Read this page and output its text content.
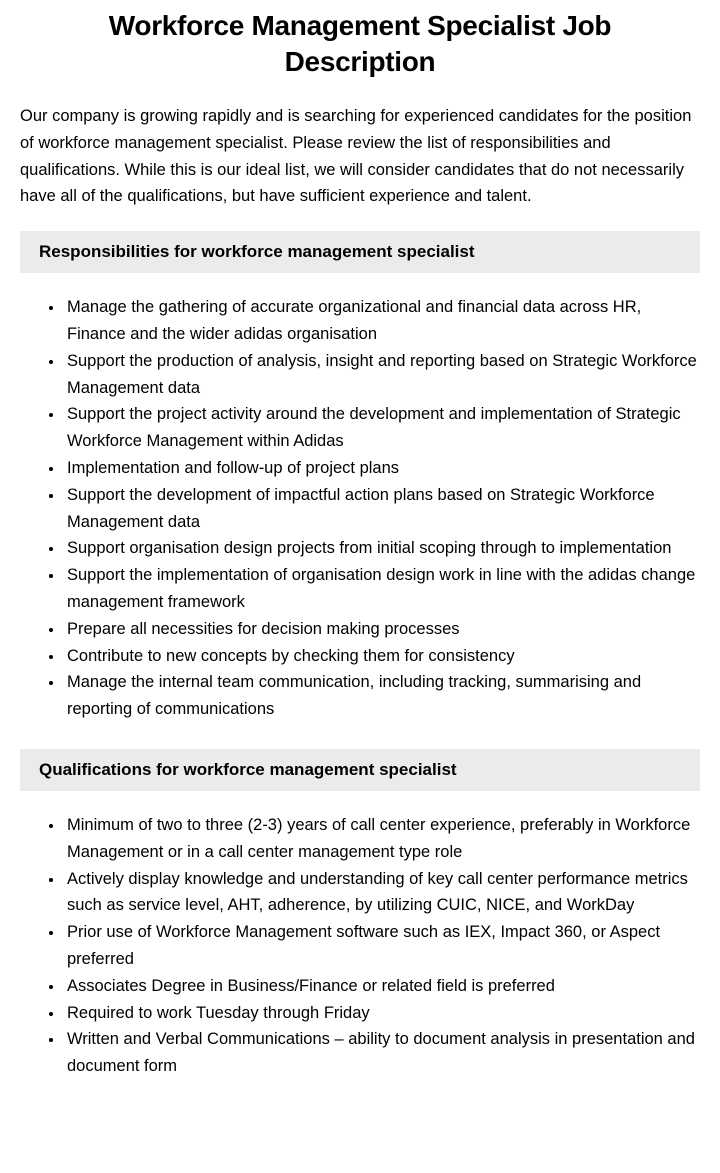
Workforce Management Specialist Job Description

Our company is growing rapidly and is searching for experienced candidates for the position of workforce management specialist. Please review the list of responsibilities and qualifications. While this is our ideal list, we will consider candidates that do not necessarily have all of the qualifications, but have sufficient experience and talent.

Responsibilities for workforce management specialist
• Manage the gathering of accurate organizational and financial data across HR, Finance and the wider adidas organisation
• Support the production of analysis, insight and reporting based on Strategic Workforce Management data
• Support the project activity around the development and implementation of Strategic Workforce Management within Adidas
• Implementation and follow-up of project plans
• Support the development of impactful action plans based on Strategic Workforce Management data
• Support organisation design projects from initial scoping through to implementation
• Support the implementation of organisation design work in line with the adidas change management framework
• Prepare all necessities for decision making processes
• Contribute to new concepts by checking them for consistency
• Manage the internal team communication, including tracking, summarising and reporting of communications
Qualifications for workforce management specialist
• Minimum of two to three (2-3) years of call center experience, preferably in Workforce Management or in a call center management type role
• Actively display knowledge and understanding of key call center performance metrics such as service level, AHT, adherence, by utilizing CUIC, NICE, and WorkDay
• Prior use of Workforce Management software such as IEX, Impact 360, or Aspect preferred
• Associates Degree in Business/Finance or related field is preferred
• Required to work Tuesday through Friday
• Written and Verbal Communications – ability to document analysis in presentation and document form
